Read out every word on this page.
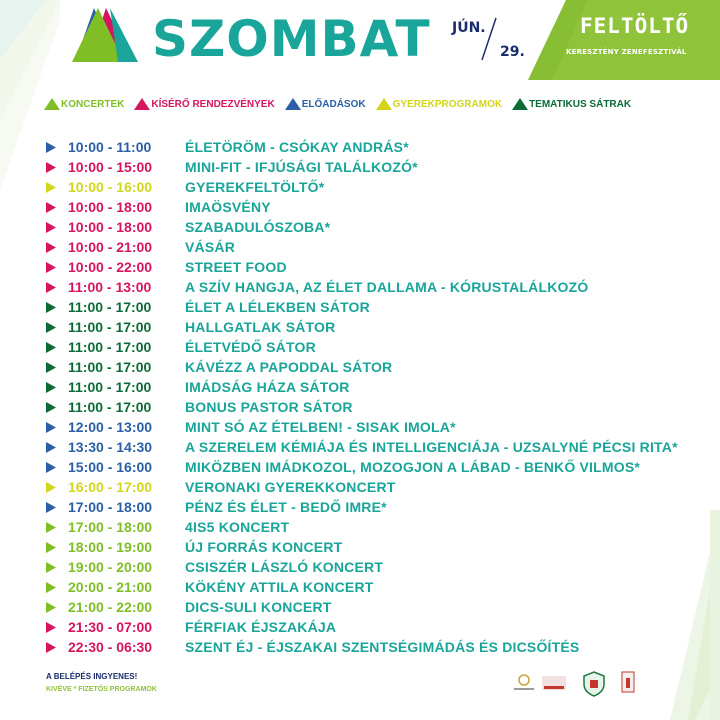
SZOMBAT JÚN.
29.
FELTÖLTŐ
KERESZTÉNY ZENEFESZTIVÁL
KONCERTEK	KÍSÉRŐ RENDEZVÉNYEK	ELŐADÁSOK	GYEREKPROGRAMOK	TEMATIKUS SÁTRAK
10:00 - 11:00	ÉLETÖRÖM - CSÓKAY ANDRÁS*
10:00 - 15:00	MINI-FIT - IFJÚSÁGI TALÁLKOZÓ*
10:00 - 16:00	GYEREKFELTÖLTŐ*
10:00 - 18:00	IMAÖSVÉNY
10:00 - 18:00	SZABADULÓSZOBA*
10:00 - 21:00	VÁSÁR
10:00 - 22:00	STREET FOOD
11:00 - 13:00	A SZÍV HANGJA, AZ ÉLET DALLAMA - KÓRUSTALÁLKOZÓ
11:00 - 17:00	ÉLET A LÉLEKBEN SÁTOR
11:00 - 17:00	HALLGATLAK SÁTOR
11:00 - 17:00	ÉLETVÉDŐ SÁTOR
11:00 - 17:00	KÁVÉZZ A PAPODDAL SÁTOR
11:00 - 17:00	IMÁDSÁG HÁZA SÁTOR
11:00 - 17:00	BONUS PASTOR SÁTOR
12:00 - 13:00	MINT SÓ AZ ÉTELBEN! - SISAK IMOLA*
13:30 - 14:30	A SZERELEM KÉMIÁJA ÉS INTELLIGENCIÁJA - UZSALYNÉ PÉCSI RITA*
15:00 - 16:00	MIKÖZBEN IMÁDKOZOL, MOZOGJON A LÁBAD - BENKŐ VILMOS*
16:00 - 17:00	VERONAKI GYEREKKONCERT
17:00 - 18:00	PÉNZ ÉS ÉLET - BEDŐ IMRE*
17:00 - 18:00	4IS5 KONCERT
18:00 - 19:00	ÚJ FORRÁS KONCERT
19:00 - 20:00	CSISZÉR LÁSZLÓ KONCERT
20:00 - 21:00	KÖKÉNY ATTILA KONCERT
21:00 - 22:00	DICS-SULI KONCERT
21:30 - 07:00	FÉRFIAK ÉJSZAKÁJA
22:30 - 06:30	SZENT ÉJ - ÉJSZAKAI SZENTSÉGIMÁDÁS ÉS DICSŐÍTÉS
A BELÉPÉS INGYENES!
KIVÉVE * FIZETŐS PROGRAMOK
